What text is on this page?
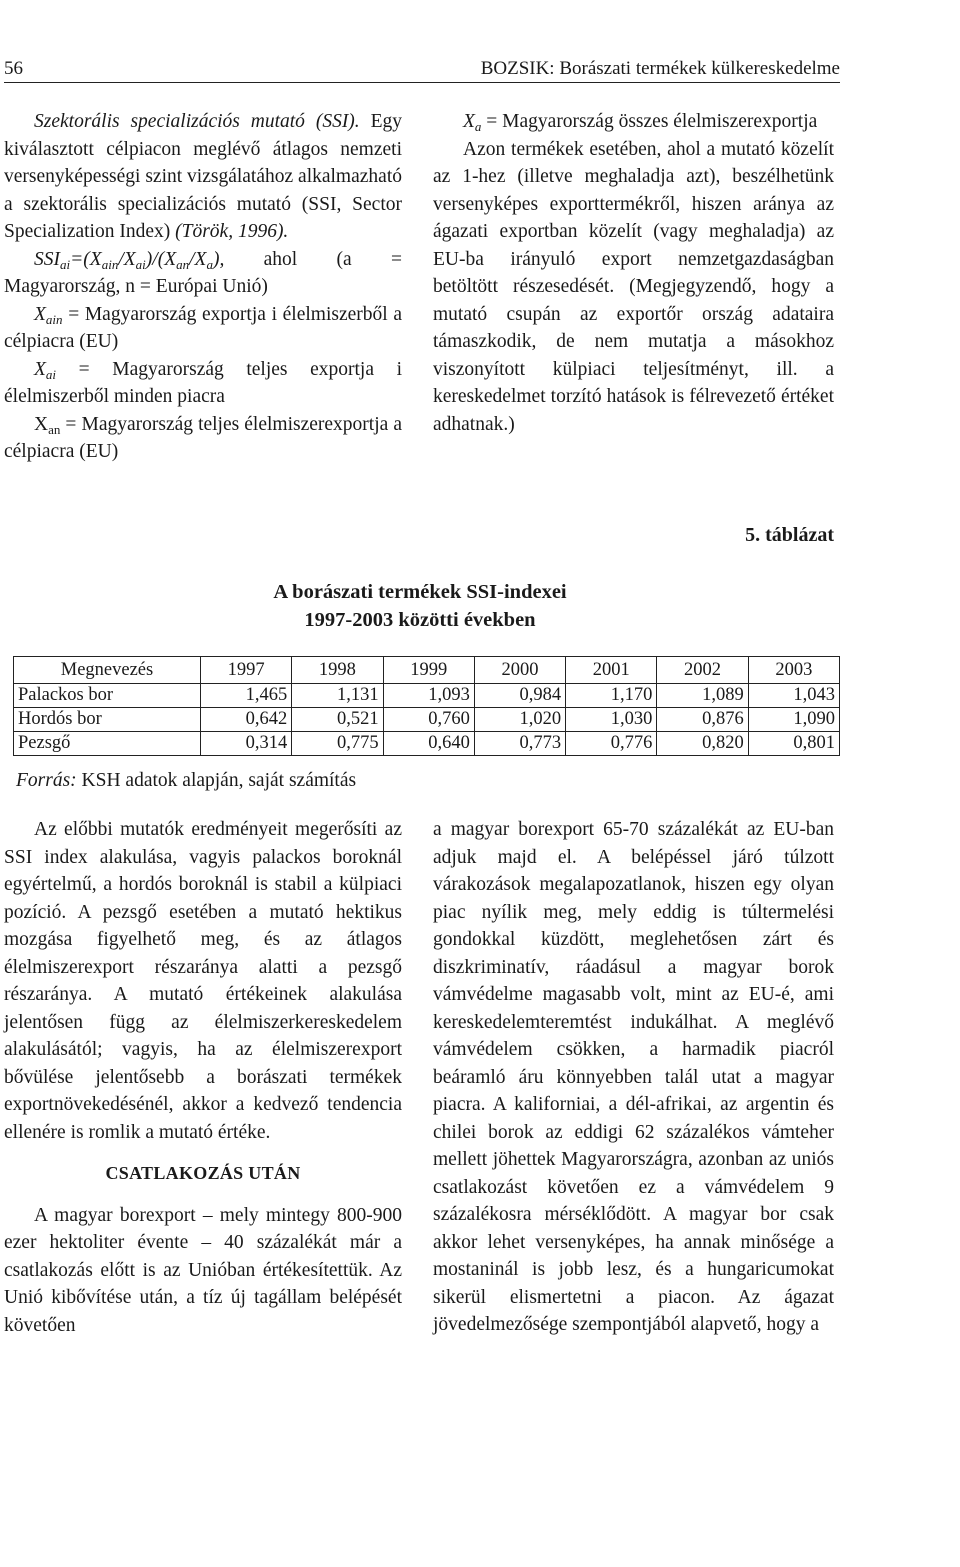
56	BOZSIK: Borászati termékek külkereskedelme

Szektorális specializációs mutató (SSI). Egy kiválasztott célpiacon meglévő átlagos nemzeti versenyképességi szint vizsgálatához alkalmazható a szektorális specializációs mutató (SSI, Sector Specialization Index) (Török, 1996).

$SSI_{ai}=(X_{ain}/X_{ai})/(X_{an}/X_a)$, ahol (a = Magyarország, n = Európai Unió)

$X_{ain}$ = Magyarország exportja i élelmiszerből a célpiacra (EU)

$X_{ai}$ = Magyarország teljes exportja i élelmiszerből minden piacra

$X_{an}$ = Magyarország teljes élelmiszerexportja a célpiacra (EU)

$X_a$ = Magyarország összes élelmiszerexportja

Azon termékek esetében, ahol a mutató közelít az 1-hez (illetve meghaladja azt), beszélhetünk versenyképes exporttermékről, hiszen aránya az ágazati exportban közelít (vagy meghaladja) az EU-ba irányuló export nemzetgazdaságban betöltött részesedését. (Megjegyzendő, hogy a mutató csupán az exportőr ország adataira támaszkodik, de nem mutatja a másokhoz viszonyított külpiaci teljesítményt, ill. a kereskedelmet torzító hatások is félrevezető értéket adhatnak.)

5. táblázat
A borászati termékek SSI-indexei
1997-2003 közötti években
Megnevezés	1997	1998	1999	2000	2001	2002	2003
Palackos bor	1,465	1,131	1,093	0,984	1,170	1,089	1,043
Hordós bor	0,642	0,521	0,760	1,020	1,030	0,876	1,090
Pezsgő	0,314	0,775	0,640	0,773	0,776	0,820	0,801
Forrás: KSH adatok alapján, saját számítás

Az előbbi mutatók eredményeit megerősíti az SSI index alakulása, vagyis palackos boroknál egyértelmű, a hordós boroknál is stabil a külpiaci pozíció. A pezsgő esetében a mutató hektikus mozgása figyelhető meg, és az átlagos élelmiszerexport részaránya alatti a pezsgő részaránya. A mutató értékeinek alakulása jelentősen függ az élelmiszerkereskedelem alakulásától; vagyis, ha az élelmiszerexport bővülése jelentősebb a borászati termékek exportnövekedésénél, akkor a kedvező tendencia ellenére is romlik a mutató értéke.

CSATLAKOZÁS UTÁN

A magyar borexport – mely mintegy 800-900 ezer hektoliter évente – 40 százalékát már a csatlakozás előtt is az Unióban értékesítettük. Az Unió kibővítése után, a tíz új tagállam belépését követően

a magyar borexport 65-70 százalékát az EU-ban adjuk majd el. A belépéssel járó túlzott várakozások megalapozatlanok, hiszen egy olyan piac nyílik meg, mely eddig is túltermelési gondokkal küzdött, meglehetősen zárt és diszkriminatív, ráadásul a magyar borok vámvédelme magasabb volt, mint az EU-é, ami kereskedelemteremtést indukálhat. A meglévő vámvédelem csökken, a harmadik piacról beáramló áru könnyebben talál utat a magyar piacra. A kaliforniai, a dél-afrikai, az argentin és chilei borok az eddigi 62 százalékos vámteher mellett jöhettek Magyarországra, azonban az uniós csatlakozást követően ez a vámvédelem 9 százalékosra mérséklődött. A magyar bor csak akkor lehet versenyképes, ha annak minősége a mostaninál is jobb lesz, és a hungaricumokat sikerül elismertetni a piacon. Az ágazat jövedelmezősége szempontjából alapvető, hogy a
